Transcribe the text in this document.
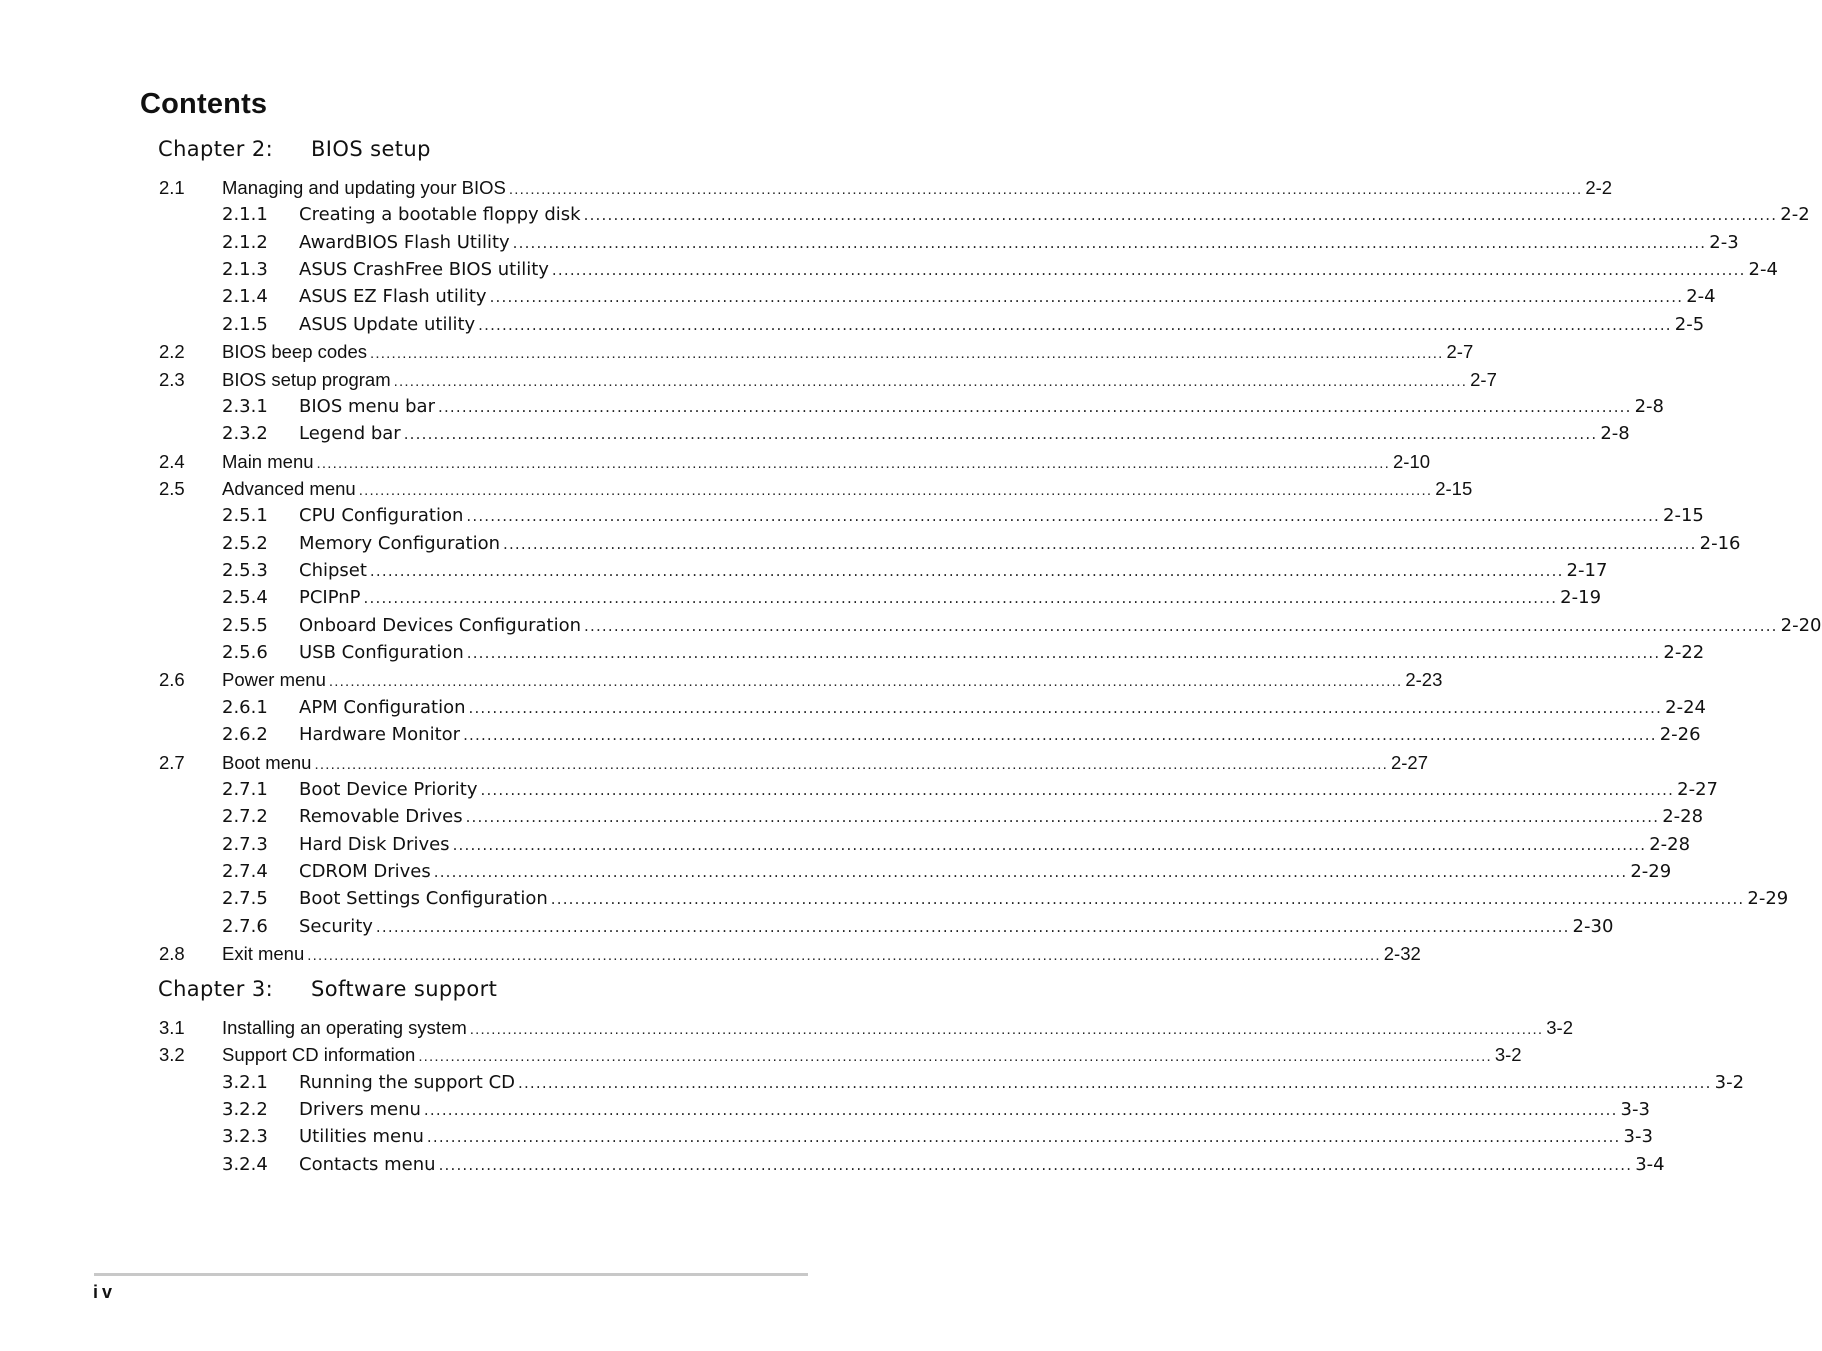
Contents
Chapter 2: BIOS setup
2.1 Managing and updating your BIOS ........................................................................................................................................................................................................ 2-2
2.1.1 Creating a bootable floppy disk ........................................................................................................................................................................................................ 2-2
2.1.2 AwardBIOS Flash Utility ........................................................................................................................................................................................................ 2-3
2.1.3 ASUS CrashFree BIOS utility ........................................................................................................................................................................................................ 2-4
2.1.4 ASUS EZ Flash utility ........................................................................................................................................................................................................ 2-4
2.1.5 ASUS Update utility ........................................................................................................................................................................................................ 2-5
2.2 BIOS beep codes ........................................................................................................................................................................................................ 2-7
2.3 BIOS setup program ........................................................................................................................................................................................................ 2-7
2.3.1 BIOS menu bar ........................................................................................................................................................................................................ 2-8
2.3.2 Legend bar ........................................................................................................................................................................................................ 2-8
2.4 Main menu ........................................................................................................................................................................................................ 2-10
2.5 Advanced menu ........................................................................................................................................................................................................ 2-15
2.5.1 CPU Configuration ........................................................................................................................................................................................................ 2-15
2.5.2 Memory Configuration ........................................................................................................................................................................................................ 2-16
2.5.3 Chipset ........................................................................................................................................................................................................ 2-17
2.5.4 PCIPnP ........................................................................................................................................................................................................ 2-19
2.5.5 Onboard Devices Configuration ........................................................................................................................................................................................................ 2-20
2.5.6 USB Configuration ........................................................................................................................................................................................................ 2-22
2.6 Power menu ........................................................................................................................................................................................................ 2-23
2.6.1 APM Configuration ........................................................................................................................................................................................................ 2-24
2.6.2 Hardware Monitor ........................................................................................................................................................................................................ 2-26
2.7 Boot menu ........................................................................................................................................................................................................ 2-27
2.7.1 Boot Device Priority ........................................................................................................................................................................................................ 2-27
2.7.2 Removable Drives ........................................................................................................................................................................................................ 2-28
2.7.3 Hard Disk Drives ........................................................................................................................................................................................................ 2-28
2.7.4 CDROM Drives ........................................................................................................................................................................................................ 2-29
2.7.5 Boot Settings Configuration ........................................................................................................................................................................................................ 2-29
2.7.6 Security ........................................................................................................................................................................................................ 2-30
2.8 Exit menu ........................................................................................................................................................................................................ 2-32
Chapter 3: Software support
3.1 Installing an operating system ........................................................................................................................................................................................................ 3-2
3.2 Support CD information ........................................................................................................................................................................................................ 3-2
3.2.1 Running the support CD ........................................................................................................................................................................................................ 3-2
3.2.2 Drivers menu ........................................................................................................................................................................................................ 3-3
3.2.3 Utilities menu ........................................................................................................................................................................................................ 3-3
3.2.4 Contacts menu ........................................................................................................................................................................................................ 3-4
iv
